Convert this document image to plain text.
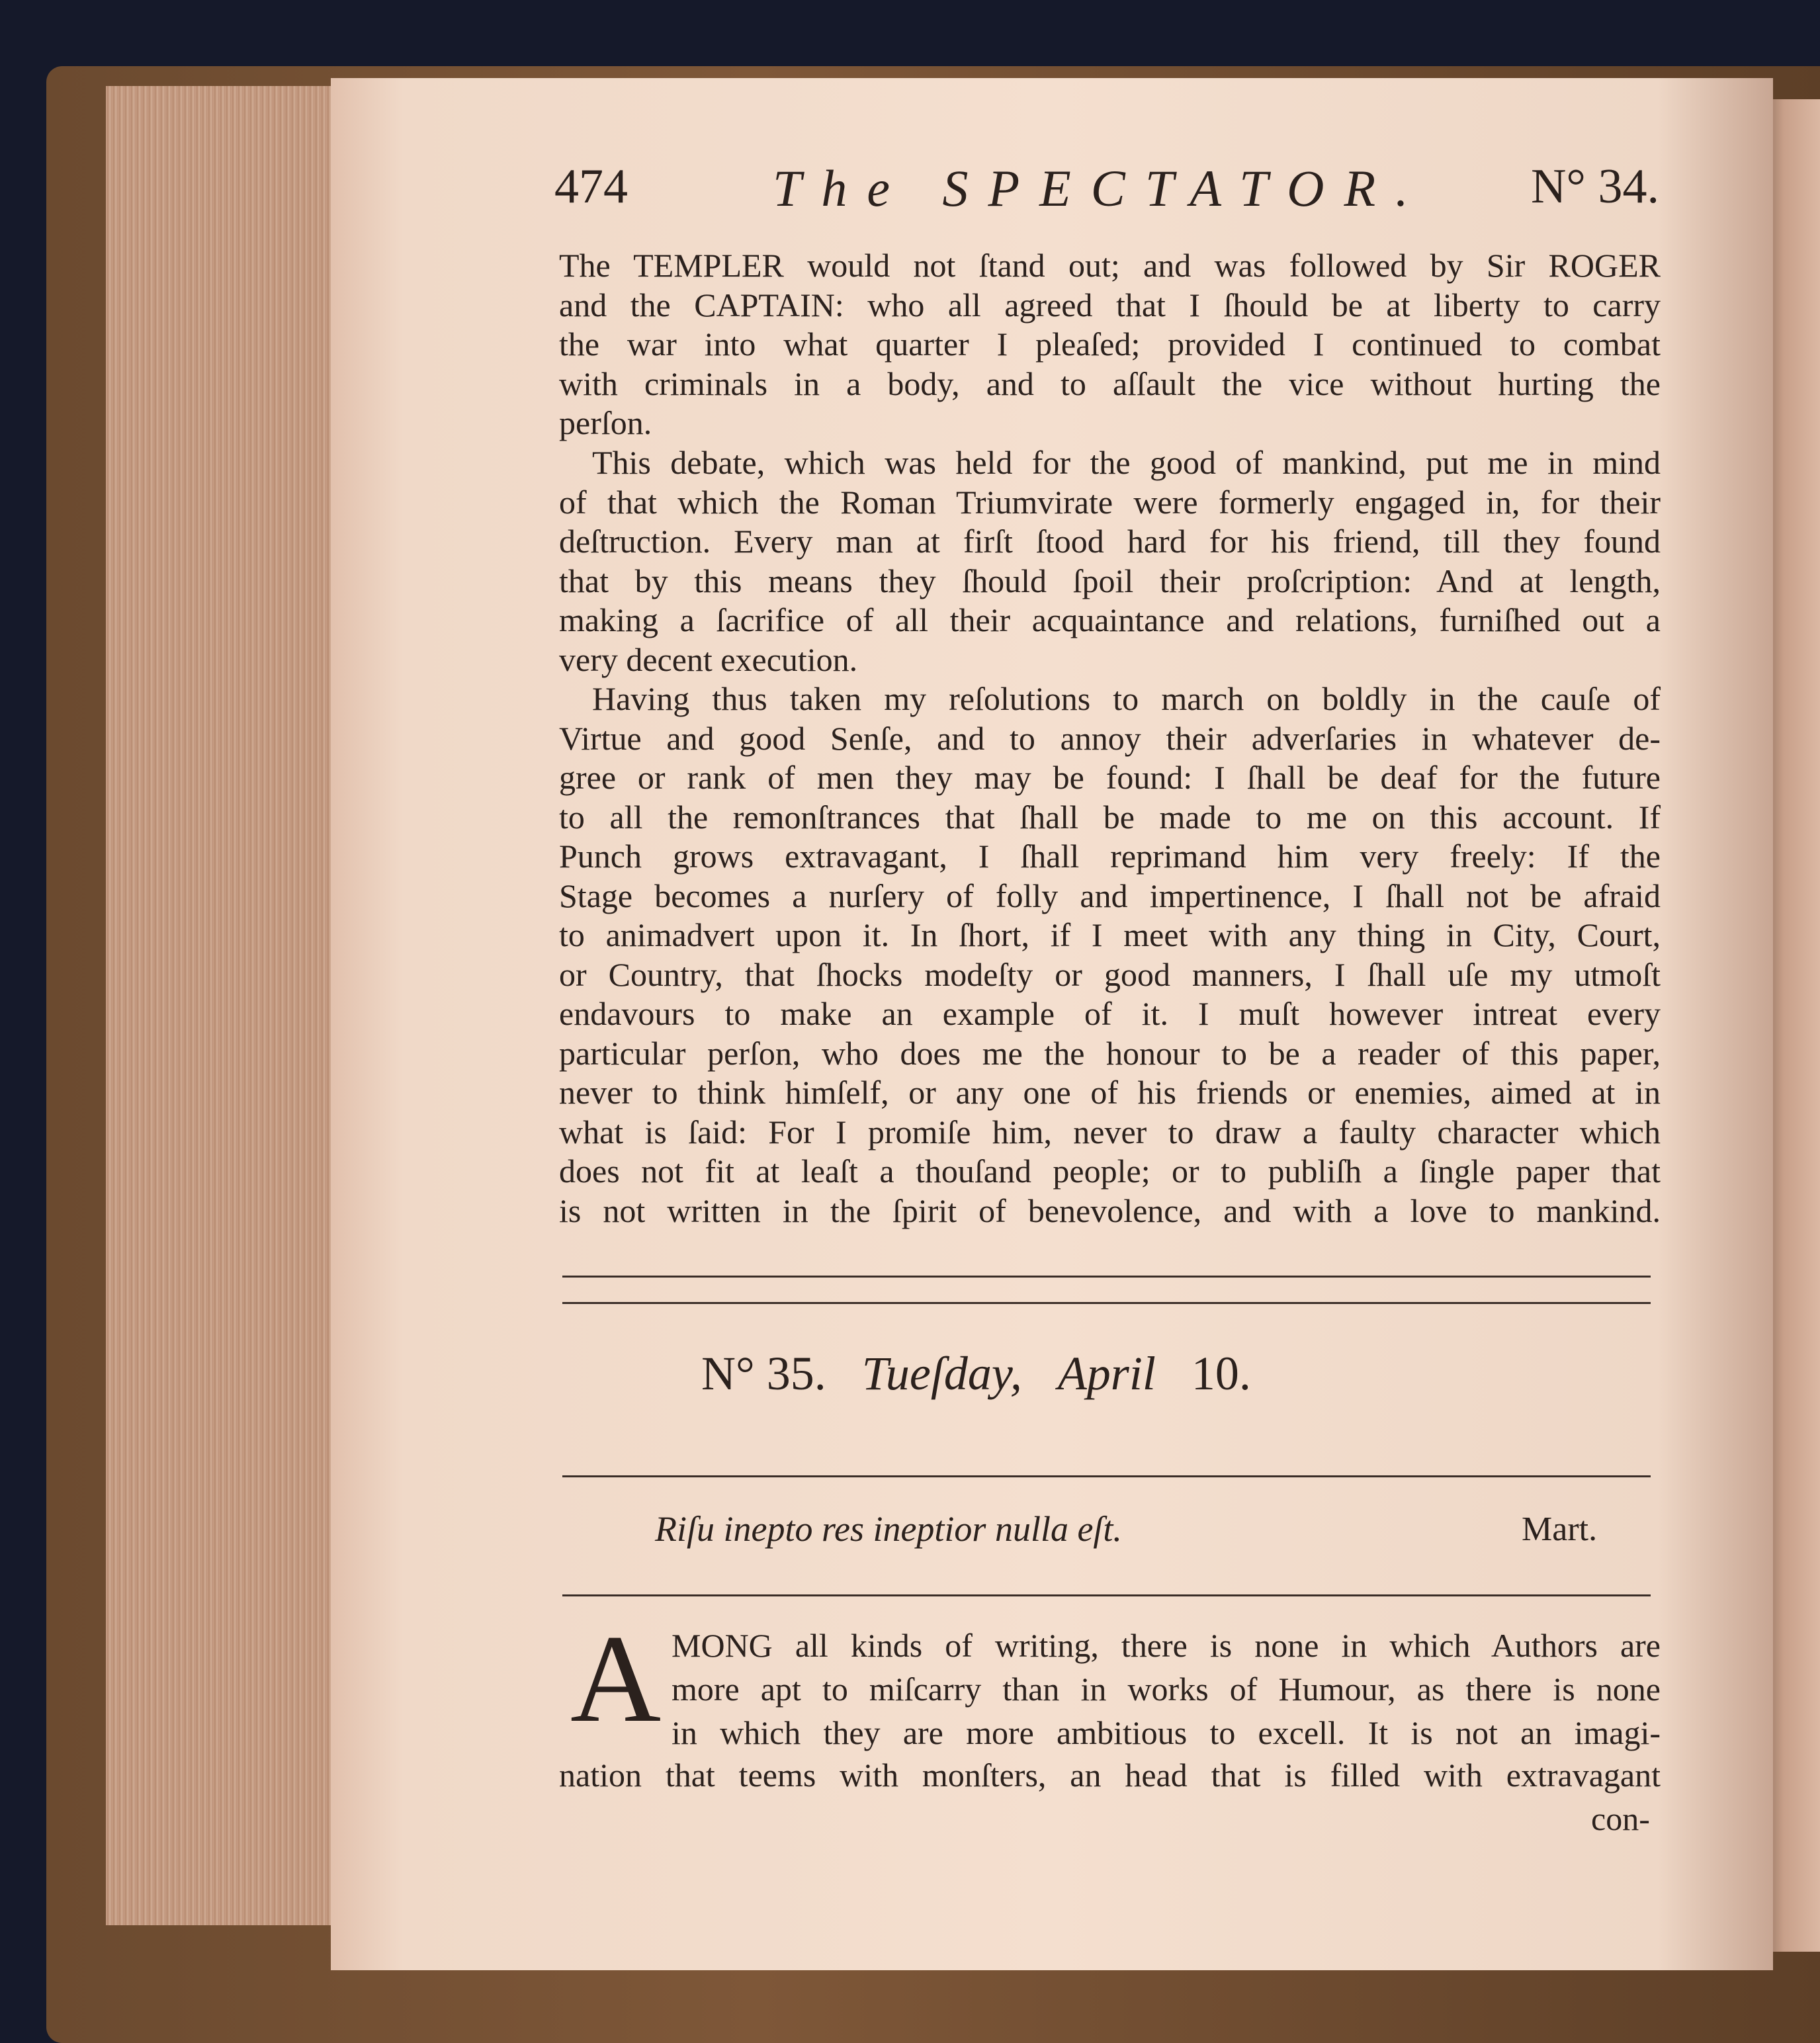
474	The SPECTATOR. N° 34.
The TEMPLER would not ſtand out; and was followed by Sir ROGER
and the CAPTAIN: who all agreed that I ſhould be at liberty to carry
the war into what quarter I pleaſed; provided I continued to combat
with criminals in a body, and to aſſault the vice without hurting the
perſon.
This debate, which was held for the good of mankind, put me in mind
of that which the Roman Triumvirate were formerly engaged in, for their
deſtruction. Every man at firſt ſtood hard for his friend, till they found
that by this means they ſhould ſpoil their proſcription: And at length,
making a ſacrifice of all their acquaintance and relations, furniſhed out a
very decent execution.
Having thus taken my reſolutions to march on boldly in the cauſe of
Virtue and good Senſe, and to annoy their adverſaries in whatever de-
gree or rank of men they may be found: I ſhall be deaf for the future
to all the remonſtrances that ſhall be made to me on this account. If
Punch grows extravagant, I ſhall reprimand him very freely: If the
Stage becomes a nurſery of folly and impertinence, I ſhall not be afraid
to animadvert upon it. In ſhort, if I meet with any thing in City, Court,
or Country, that ſhocks modeſty or good manners, I ſhall uſe my utmoſt
endavours to make an example of it. I muſt however intreat every
particular perſon, who does me the honour to be a reader of this paper,
never to think himſelf, or any one of his friends or enemies, aimed at in
what is ſaid: For I promiſe him, never to draw a faulty character which
does not fit at leaſt a thouſand people; or to publiſh a ſingle paper that
is not written in the ſpirit of benevolence, and with a love to mankind.
N° 35. Tueſday, April 10.
Riſu inepto res ineptior nulla eſt.	Mart.
A MONG all kinds of writing, there is none in which Authors are
more apt to miſcarry than in works of Humour, as there is none
in which they are more ambitious to excell. It is not an imagi-
nation that teems with monſters, an head that is filled with extravagant
con-
